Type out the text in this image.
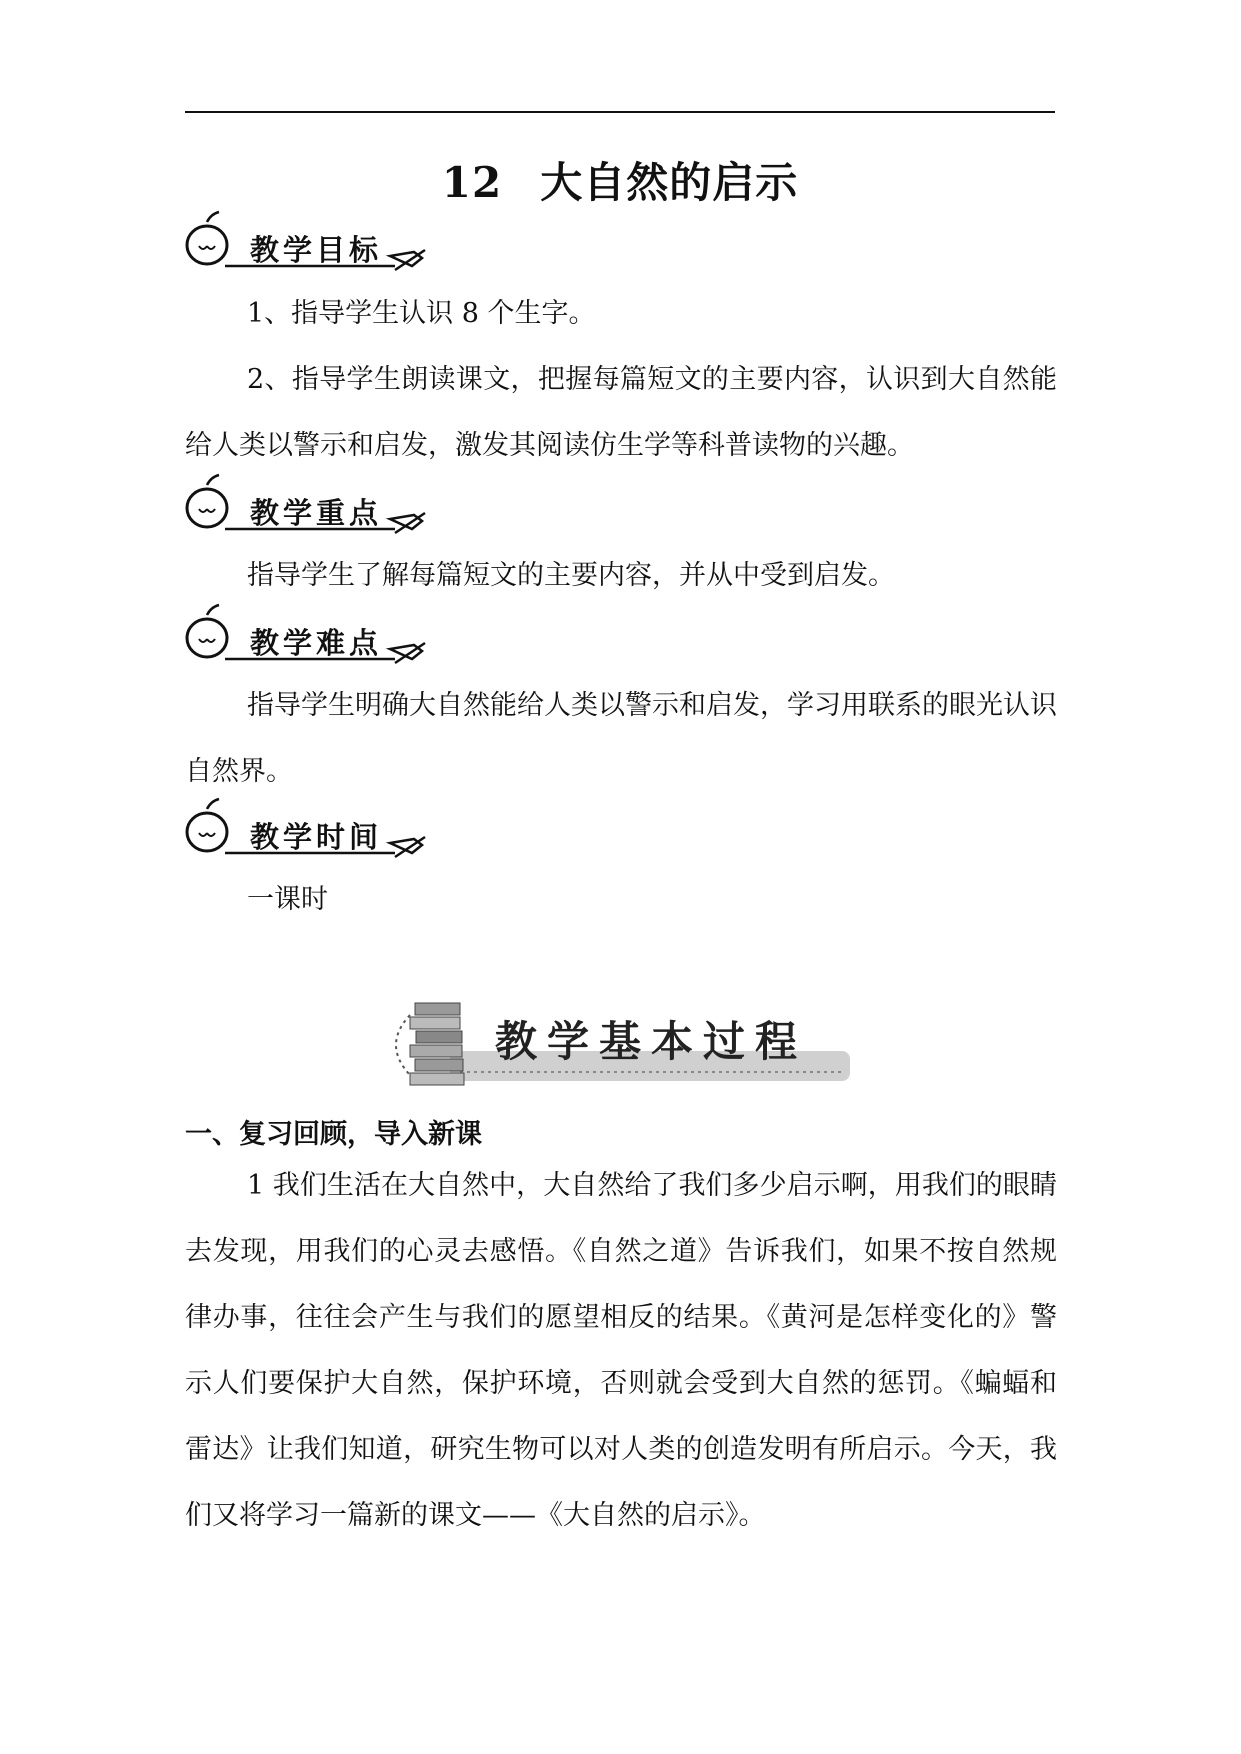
12 大自然的启示
教学目标
1、指导学生认识 8 个生字。
2、指导学生朗读课文，把握每篇短文的主要内容，认识到大自然能给人类以警示和启发，激发其阅读仿生学等科普读物的兴趣。
教学重点
指导学生了解每篇短文的主要内容，并从中受到启发。
教学难点
指导学生明确大自然能给人类以警示和启发，学习用联系的眼光认识自然界。
教学时间
一课时
教学基本过程
一、复习回顾，导入新课
1 我们生活在大自然中，大自然给了我们多少启示啊，用我们的眼睛去发现，用我们的心灵去感悟。《自然之道》告诉我们，如果不按自然规律办事，往往会产生与我们的愿望相反的结果。《黄河是怎样变化的》警示人们要保护大自然，保护环境，否则就会受到大自然的惩罚。《蝙蝠和雷达》让我们知道，研究生物可以对人类的创造发明有所启示。今天，我们又将学习一篇新的课文——《大自然的启示》。
